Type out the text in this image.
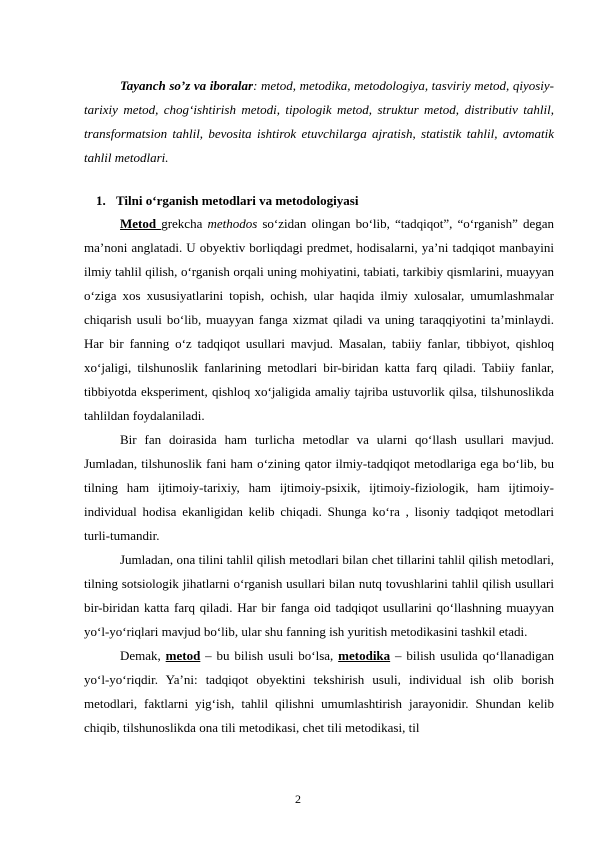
Tayanch so’z va iboralar: metod, metodika, metodologiya, tasviriy metod, qiyosiy-tarixiy metod, chog‘ishtirish metodi, tipologik metod, struktur metod, distributiv tahlil, transformatsion tahlil, bevosita ishtirok etuvchilarga ajratish, statistik tahlil, avtomatik tahlil metodlari.

1. Tilni o‘rganish metodlari va metodologiyasi

Metod grekcha methodos so‘zidan olingan bo‘lib, “tadqiqot”, “o‘rganish” degan ma’noni anglatadi. U obyektiv borliqdagi predmet, hodisalarni, ya’ni tadqiqot manbayini ilmiy tahlil qilish, o‘rganish orqali uning mohiyatini, tabiati, tarkibiy qismlarini, muayyan o‘ziga xos xususiyatlarini topish, ochish, ular haqida ilmiy xulosalar, umumlashmalar chiqarish usuli bo‘lib, muayyan fanga xizmat qiladi va uning taraqqiyotini ta’minlaydi. Har bir fanning o‘z tadqiqot usullari mavjud. Masalan, tabiiy fanlar, tibbiyot, qishloq xo‘jaligi, tilshunoslik fanlarining metodlari bir-biridan katta farq qiladi. Tabiiy fanlar, tibbiyotda eksperiment, qishloq xo‘jaligida amaliy tajriba ustuvorlik qilsa, tilshunoslikda tahlildan foydalaniladi.

Bir fan doirasida ham turlicha metodlar va ularni qo‘llash usullari mavjud. Jumladan, tilshunoslik fani ham o‘zining qator ilmiy-tadqiqot metodlariga ega bo‘lib, bu tilning ham ijtimoiy-tarixiy, ham ijtimoiy-psixik, ijtimoiy-fiziologik, ham ijtimoiy-individual hodisa ekanligidan kelib chiqadi. Shunga ko‘ra , lisoniy tadqiqot metodlari turli-tumandir.

Jumladan, ona tilini tahlil qilish metodlari bilan chet tillarini tahlil qilish metodlari, tilning sotsiologik jihatlarni o‘rganish usullari bilan nutq tovushlarini tahlil qilish usullari bir-biridan katta farq qiladi. Har bir fanga oid tadqiqot usullarini qo‘llashning muayyan yo‘l-yo‘riqlari mavjud bo‘lib, ular shu fanning ish yuritish metodikasini tashkil etadi.

Demak, metod – bu bilish usuli bo‘lsa, metodika – bilish usulida qo‘llanadigan yo‘l-yo‘riqdir. Ya’ni: tadqiqot obyektini tekshirish usuli, individual ish olib borish metodlari, faktlarni yig‘ish, tahlil qilishni umumlashtirish jarayonidir. Shundan kelib chiqib, tilshunoslikda ona tili metodikasi, chet tili metodikasi, til

2
